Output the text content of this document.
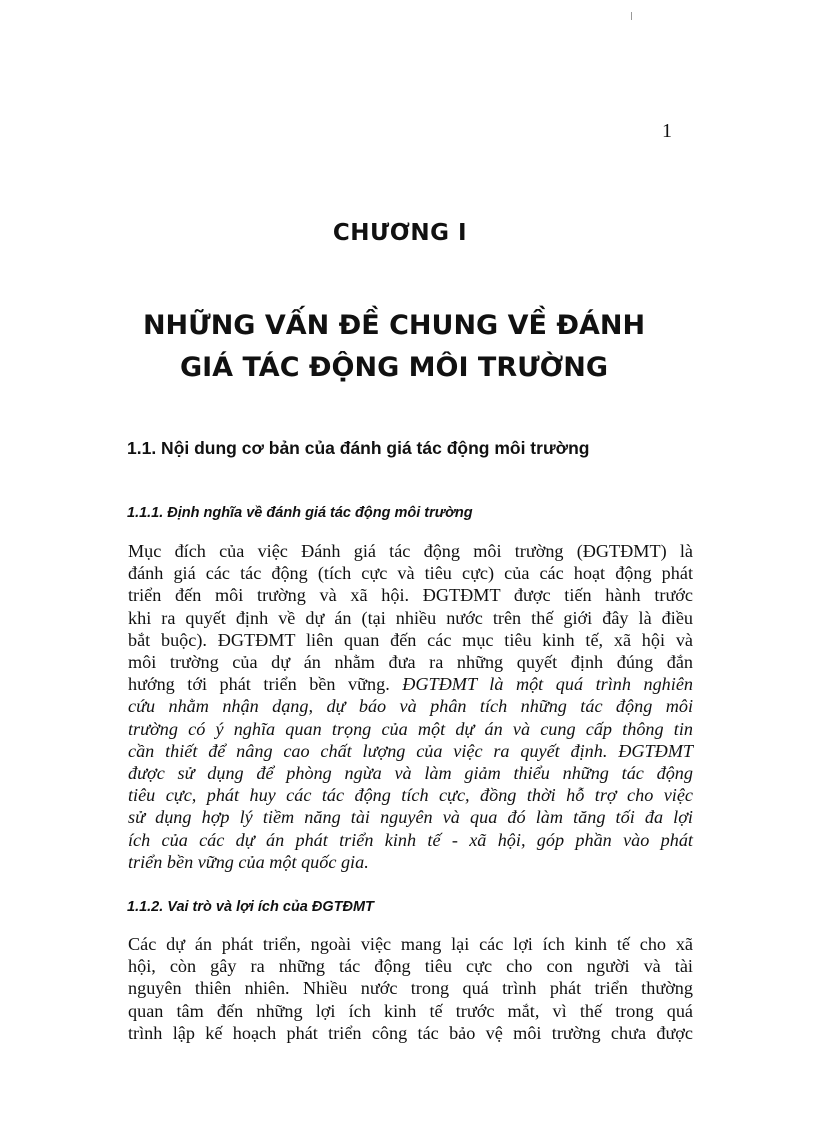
1
CHƯƠNG I
NHỮNG VẤN ĐỀ CHUNG VỀ ĐÁNH
GIÁ TÁC ĐỘNG MÔI TRƯỜNG
1.1. Nội dung cơ bản của đánh giá tác động môi trường
1.1.1. Định nghĩa về đánh giá tác động môi trường
Mục đích của việc Đánh giá tác động môi trường (ĐGTĐMT) là
đánh giá các tác động (tích cực và tiêu cực) của các hoạt động phát
triển đến môi trường và xã hội. ĐGTĐMT được tiến hành trước
khi ra quyết định về dự án (tại nhiều nước trên thế giới đây là điều
bắt buộc). ĐGTĐMT liên quan đến các mục tiêu kinh tế, xã hội và
môi trường của dự án nhằm đưa ra những quyết định đúng đắn
hướng tới phát triển bền vững. ĐGTĐMT là một quá trình nghiên
cứu nhằm nhận dạng, dự báo và phân tích những tác động môi
trường có ý nghĩa quan trọng của một dự án và cung cấp thông tin
cần thiết để nâng cao chất lượng của việc ra quyết định. ĐGTĐMT
được sử dụng để phòng ngừa và làm giảm thiểu những tác động
tiêu cực, phát huy các tác động tích cực, đồng thời hỗ trợ cho việc
sử dụng hợp lý tiềm năng tài nguyên và qua đó làm tăng tối đa lợi
ích của các dự án phát triển kinh tế - xã hội, góp phần vào phát
triển bền vững của một quốc gia.
1.1.2. Vai trò và lợi ích của ĐGTĐMT
Các dự án phát triển, ngoài việc mang lại các lợi ích kinh tế cho xã
hội, còn gây ra những tác động tiêu cực cho con người và tài
nguyên thiên nhiên. Nhiều nước trong quá trình phát triển thường
quan tâm đến những lợi ích kinh tế trước mắt, vì thế trong quá
trình lập kế hoạch phát triển công tác bảo vệ môi trường chưa được
